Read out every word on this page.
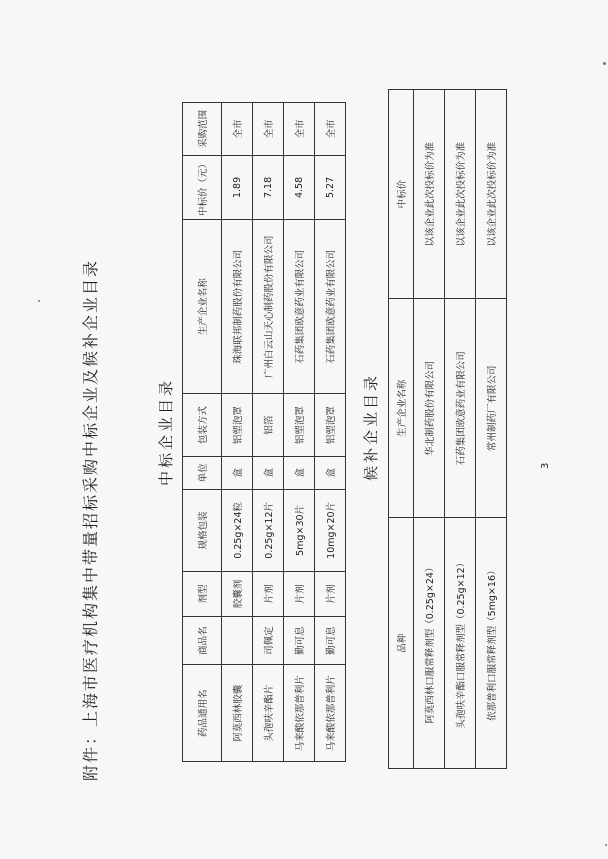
附件：上海市医疗机构集中带量招标采购中标企业及候补企业目录	药品通用名	商品名	剂型	规格包装	单位	包装方式	生产企业名称	中标价（元）	采购范围
阿莫西林胶囊		胶囊剂	0.25g×24粒	盒	铝塑泡罩	珠海联邦制药股份有限公司	1.89	全市
头孢呋辛酯片	司佩定	片剂	0.25g×12片	盒	铝箔	广州白云山天心制药股份有限公司	7.18	全市
马来酸依那普利片	勤可息	片剂	5mg×30片	盒	铝塑泡罩	石药集团欧意药业有限公司	4.58	全市
马来酸依那普利片	勤可息	片剂	10mg×20片	盒	铝塑泡罩	石药集团欧意药业有限公司	5.27	全市
中标企业目录	候补企业目录
品种	生产企业名称	中标价
阿莫西林口服常释剂型（0.25g×24）	华北制药股份有限公司	以该企业此次投标价为准
头孢呋辛酯口服常释剂型（0.25g×12）	石药集团欧意药业有限公司	以该企业此次投标价为准
依那普利口服常释剂型（5mg×16）	常州制药厂有限公司	以该企业此次投标价为准
3
